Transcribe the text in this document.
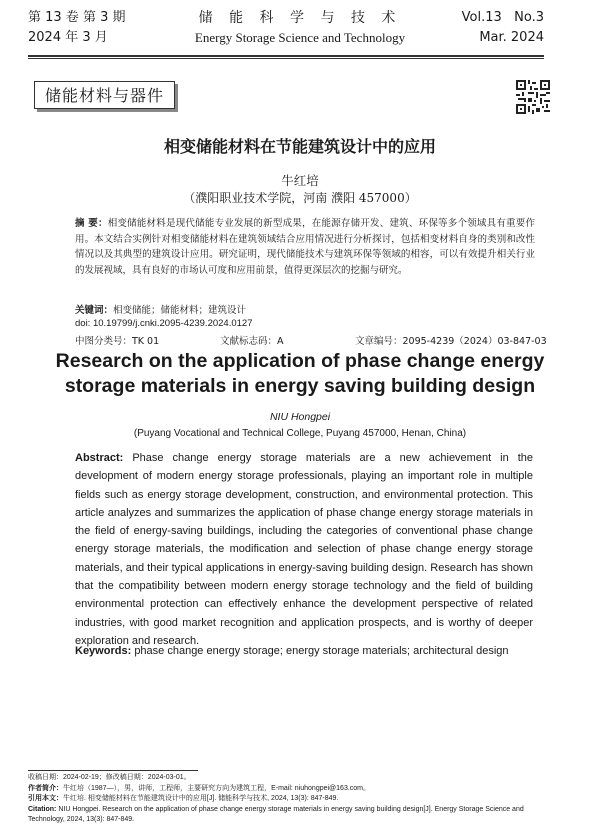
第 13 卷 第 3 期
2024 年 3 月
储 能 科 学 与 技 术
Energy Storage Science and Technology
Vol.13   No.3
Mar. 2024
储能材料与器件
相变储能材料在节能建筑设计中的应用
牛红培
（濮阳职业技术学院，河南 濮阳 457000）
摘 要：相变储能材料是现代储能专业发展的新型成果，在能源存储开发、建筑、环保等多个领域具有重要作用。本文结合实例针对相变储能材料在建筑领域结合应用情况进行分析探讨，包括相变材料自身的类别和改性情况以及其典型的建筑设计应用。研究证明，现代储能技术与建筑环保等领域的相容，可以有效提升相关行业的发展视域，具有良好的市场认可度和应用前景，值得更深层次的挖掘与研究。
关键词：相变储能；储能材料；建筑设计
doi: 10.19799/j.cnki.2095-4239.2024.0127
中图分类号：TK 01	文献标志码：A	文章编号：2095-4239（2024）03-847-03
Research on the application of phase change energy storage materials in energy saving building design
NIU Hongpei
(Puyang Vocational and Technical College, Puyang 457000, Henan, China)
Abstract: Phase change energy storage materials are a new achievement in the development of modern energy storage professionals, playing an important role in multiple fields such as energy storage development, construction, and environmental protection. This article analyzes and summarizes the application of phase change energy storage materials in the field of energy-saving buildings, including the categories of conventional phase change energy storage materials, the modification and selection of phase change energy storage materials, and their typical applications in energy-saving building design. Research has shown that the compatibility between modern energy storage technology and the field of building environmental protection can effectively enhance the development perspective of related industries, with good market recognition and application prospects, and is worthy of deeper exploration and research.
Keywords: phase change energy storage; energy storage materials; architectural design
收稿日期：2024-02-19；修改稿日期：2024-03-01。
作者简介：牛红培（1987—），男，讲师，工程师，主要研究方向为建筑工程，E-mail: niuhongpei@163.com。
引用本文：牛红培. 相变储能材料在节能建筑设计中的应用[J]. 储能科学与技术, 2024, 13(3): 847-849.
Citation: NIU Hongpei. Research on the application of phase change energy storage materials in energy saving building design[J]. Energy Storage Science and Technology, 2024, 13(3): 847-849.
